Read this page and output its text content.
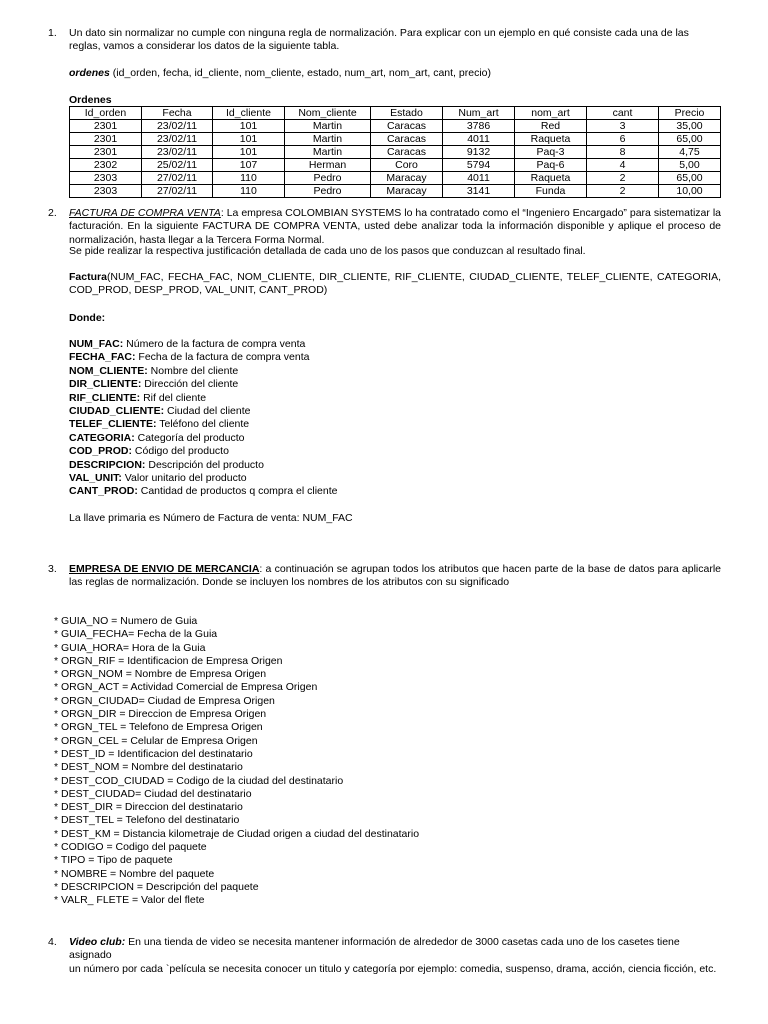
1. Un dato sin normalizar no cumple con ninguna regla de normalización. Para explicar con un ejemplo en qué consiste cada una de las
reglas, vamos a considerar los datos de la siguiente tabla.
ordenes (id_orden, fecha, id_cliente, nom_cliente, estado, num_art, nom_art, cant, precio)
Ordenes
Id_orden	Fecha	Id_cliente	Nom_cliente	Estado	Num_art	nom_art	cant	Precio
2301	23/02/11	101	Martin	Caracas	3786	Red	3	35,00
2301	23/02/11	101	Martin	Caracas	4011	Raqueta	6	65,00
2301	23/02/11	101	Martin	Caracas	9132	Paq-3	8	4,75
2302	25/02/11	107	Herman	Coro	5794	Paq-6	4	5,00
2303	27/02/11	110	Pedro	Maracay	4011	Raqueta	2	65,00
2303	27/02/11	110	Pedro	Maracay	3141	Funda	2	10,00
2. FACTURA DE COMPRA VENTA: La empresa COLOMBIAN SYSTEMS lo ha contratado como el “Ingeniero Encargado” para sistematizar la facturación. En la siguiente FACTURA DE COMPRA VENTA, usted debe analizar toda la información disponible y aplique el proceso de normalización, hasta llegar a la Tercera Forma Normal.
Se pide realizar la respectiva justificación detallada de cada uno de los pasos que conduzcan al resultado final.
Factura(NUM_FAC, FECHA_FAC, NOM_CLIENTE, DIR_CLIENTE, RIF_CLIENTE, CIUDAD_CLIENTE, TELEF_CLIENTE, CATEGORIA, COD_PROD, DESP_PROD, VAL_UNIT, CANT_PROD)
Donde:
NUM_FAC: Número de la factura de compra venta
FECHA_FAC: Fecha de la factura de compra venta
NOM_CLIENTE: Nombre del cliente
DIR_CLIENTE: Dirección del cliente
RIF_CLIENTE: Rif del cliente
CIUDAD_CLIENTE: Ciudad del cliente
TELEF_CLIENTE: Teléfono del cliente
CATEGORIA: Categoría del producto
COD_PROD: Código del producto
DESCRIPCION: Descripción del producto
VAL_UNIT: Valor unitario del producto
CANT_PROD: Cantidad de productos q compra el cliente
La llave primaria es Número de Factura de venta: NUM_FAC
3. EMPRESA DE ENVIO DE MERCANCIA: a continuación se agrupan todos los atributos que hacen parte de la base de datos para aplicarle las reglas de normalización. Donde se incluyen los nombres de los atributos con su significado
* GUIA_NO = Numero de Guia
* GUIA_FECHA= Fecha de la Guia
* GUIA_HORA= Hora de la Guia
* ORGN_RIF = Identificacion de Empresa Origen
* ORGN_NOM = Nombre de Empresa Origen
* ORGN_ACT = Actividad Comercial de Empresa Origen
* ORGN_CIUDAD= Ciudad de Empresa Origen
* ORGN_DIR = Direccion de Empresa Origen
* ORGN_TEL = Telefono de Empresa Origen
* ORGN_CEL = Celular de Empresa Origen
* DEST_ID = Identificacion del destinatario
* DEST_NOM = Nombre del destinatario
* DEST_COD_CIUDAD = Codigo de la ciudad del destinatario
* DEST_CIUDAD= Ciudad del destinatario
* DEST_DIR = Direccion del destinatario
* DEST_TEL = Telefono del destinatario
* DEST_KM = Distancia kilometraje de Ciudad origen a ciudad del destinatario
* CODIGO = Codigo del paquete
* TIPO = Tipo de paquete
* NOMBRE = Nombre del paquete
* DESCRIPCION = Descripción del paquete
* VALR_ FLETE = Valor del flete
4. Video club: En una tienda de video se necesita mantener información de alrededor de 3000 casetas cada uno de los casetes tiene asignado
un número por cada `película se necesita conocer un titulo y categoría por ejemplo: comedia, suspenso, drama, acción, ciencia ficción, etc.
